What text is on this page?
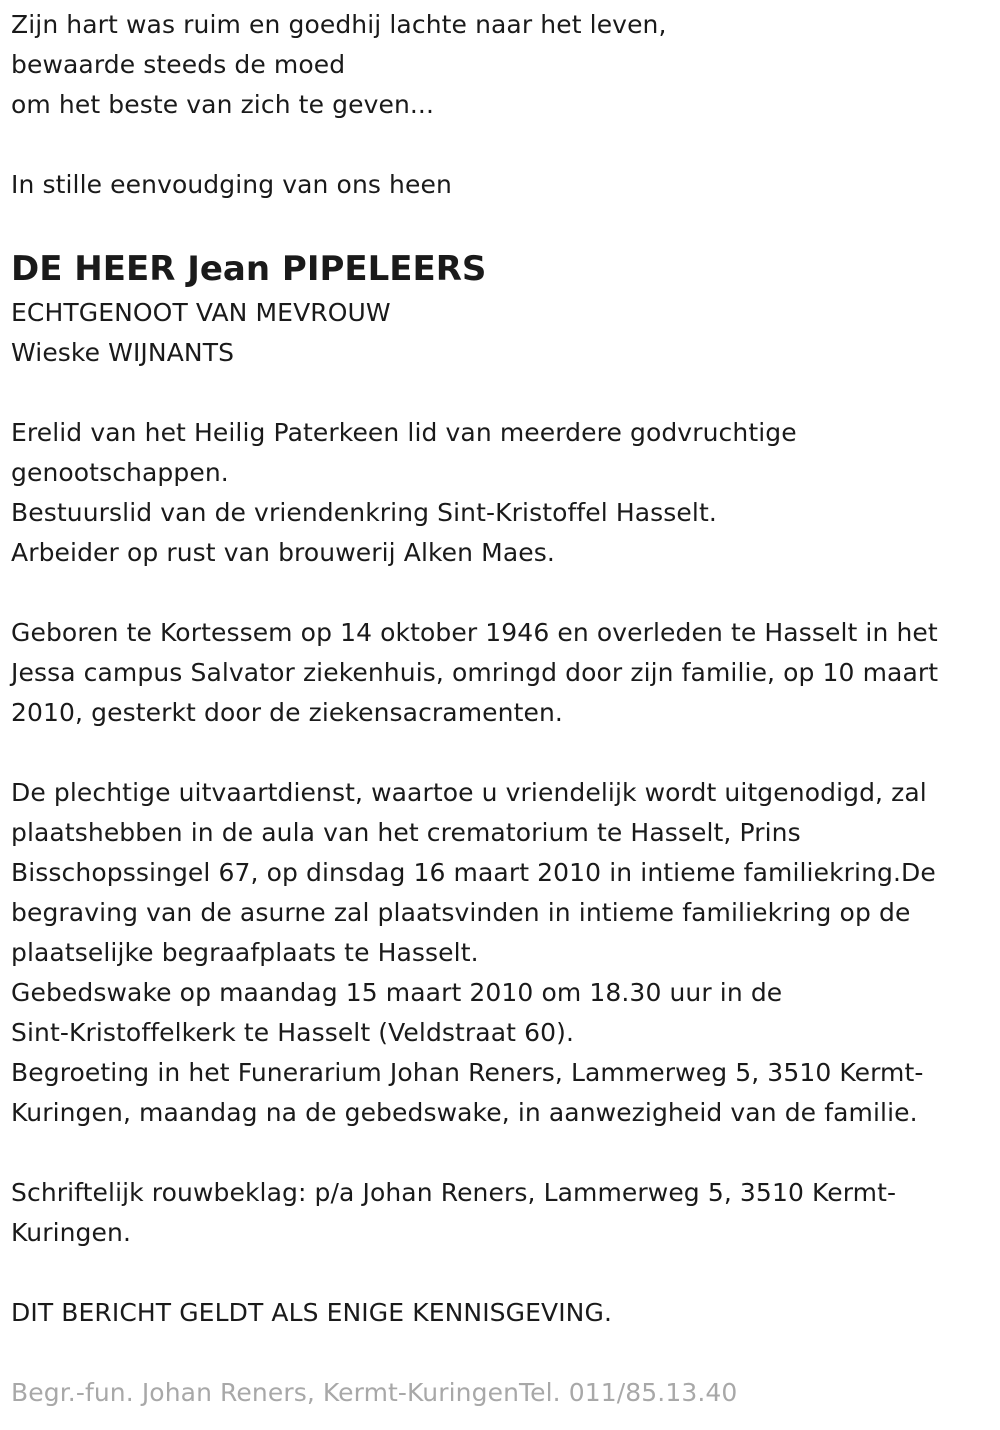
Zijn hart was ruim en goedhij lachte naar het leven,
bewaarde steeds de moed
om het beste van zich te geven...
In stille eenvoudging van ons heen
DE HEER Jean PIPELEERS
ECHTGENOOT VAN MEVROUW
Wieske WIJNANTS
Erelid van het Heilig Paterkeen lid van meerdere godvruchtige
genootschappen.
Bestuurslid van de vriendenkring Sint-Kristoffel Hasselt.
Arbeider op rust van brouwerij Alken Maes.
Geboren te Kortessem op 14 oktober 1946 en overleden te Hasselt in het
Jessa campus Salvator ziekenhuis, omringd door zijn familie, op 10 maart
2010, gesterkt door de ziekensacramenten.
De plechtige uitvaartdienst, waartoe u vriendelijk wordt uitgenodigd, zal
plaatshebben in de aula van het crematorium te Hasselt, Prins
Bisschopssingel 67, op dinsdag 16 maart 2010 in intieme familiekring.De
begraving van de asurne zal plaatsvinden in intieme familiekring op de
plaatselijke begraafplaats te Hasselt.
Gebedswake op maandag 15 maart 2010 om 18.30 uur in de
Sint-Kristoffelkerk te Hasselt (Veldstraat 60).
Begroeting in het Funerarium Johan Reners, Lammerweg 5, 3510 Kermt-
Kuringen, maandag na de gebedswake, in aanwezigheid van de familie.
Schriftelijk rouwbeklag: p/a Johan Reners, Lammerweg 5, 3510 Kermt-
Kuringen.
DIT BERICHT GELDT ALS ENIGE KENNISGEVING.
Begr.-fun. Johan Reners, Kermt-KuringenTel. 011/85.13.40
